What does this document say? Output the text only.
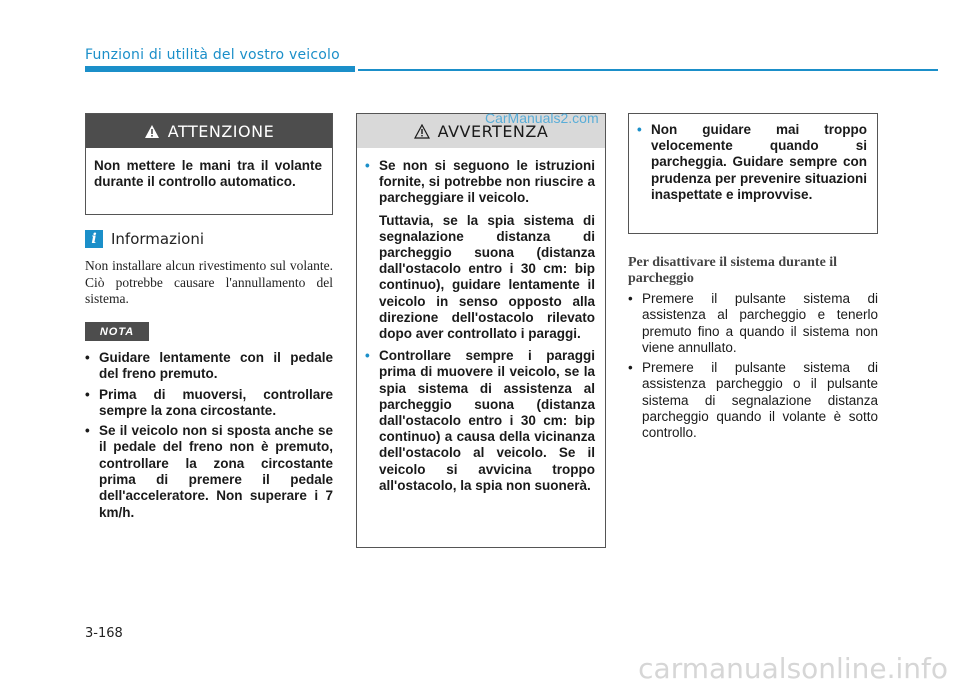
Funzioni di utilità del vostro veicolo
ATTENZIONE
Non mettere le mani tra il volante durante il controllo automatico.
i Informazioni
Non installare alcun rivestimento sul volante. Ciò potrebbe causare l'annullamento del sistema.
NOTA
• Guidare lentamente con il pedale del freno premuto.
• Prima di muoversi, controllare sempre la zona circostante.
• Se il veicolo non si sposta anche se il pedale del freno non è premuto, controllare la zona circostante prima di premere il pedale dell'acceleratore. Non superare i 7 km/h.
AVVERTENZA
• Se non si seguono le istruzioni fornite, si potrebbe non riuscire a parcheggiare il veicolo.
Tuttavia, se la spia sistema di segnalazione distanza di parcheggio suona (distanza dall'ostacolo entro i 30 cm: bip continuo), guidare lentamente il veicolo in senso opposto alla direzione dell'ostacolo rilevato dopo aver controllato i paraggi.
• Controllare sempre i paraggi prima di muovere il veicolo, se la spia sistema di assistenza al parcheggio suona (distanza dall'ostacolo entro i 30 cm: bip continuo) a causa della vicinanza dell'ostacolo al veicolo. Se il veicolo si avvicina troppo all'ostacolo, la spia non suonerà.
• Non guidare mai troppo velocemente quando si parcheggia. Guidare sempre con prudenza per prevenire situazioni inaspettate e improvvise.
Per disattivare il sistema durante il parcheggio
• Premere il pulsante sistema di assistenza al parcheggio e tenerlo premuto fino a quando il sistema non viene annullato.
• Premere il pulsante sistema di assistenza parcheggio o il pulsante sistema di segnalazione distanza parcheggio quando il volante è sotto controllo.
3-168
CarManuals2.com
carmanualsonline.info
